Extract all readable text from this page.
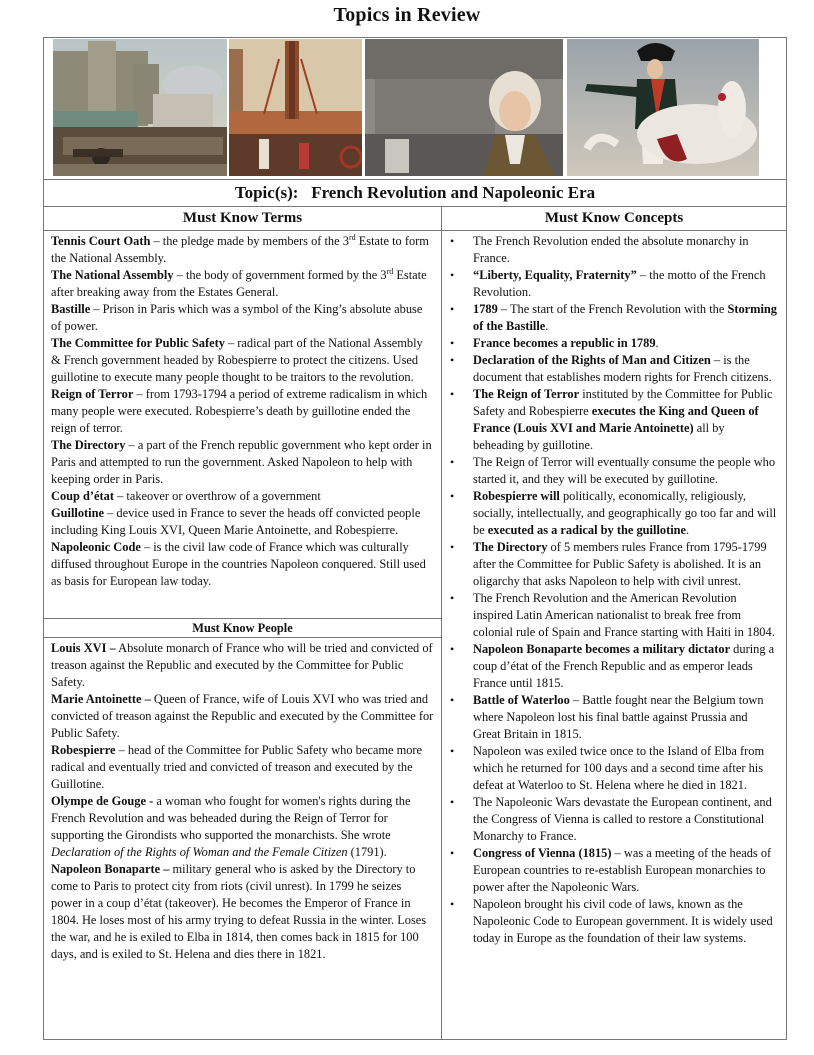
Topics in Review
Topic(s): French Revolution and Napoleonic Era
Must Know Terms	Must Know Concepts

Tennis Court Oath – the pledge made by members of the 3rd Estate to form the National Assembly.

The National Assembly – the body of government formed by the 3rd Estate after breaking away from the Estates General.

Bastille – Prison in Paris which was a symbol of the King’s absolute abuse of power.

The Committee for Public Safety – radical part of the National Assembly & French government headed by Robespierre to protect the citizens. Used guillotine to execute many people thought to be traitors to the revolution.

Reign of Terror – from 1793-1794 a period of extreme radicalism in which many people were executed. Robespierre’s death by guillotine ended the reign of terror.

The Directory – a part of the French republic government who kept order in Paris and attempted to run the government. Asked Napoleon to help with keeping order in Paris.

Coup d’état – takeover or overthrow of a government

Guillotine – device used in France to sever the heads off convicted people including King Louis XVI, Queen Marie Antoinette, and Robespierre.

Napoleonic Code – is the civil law code of France which was culturally diffused throughout Europe in the countries Napoleon conquered. Still used as basis for European law today.

Must Know People

Louis XVI – Absolute monarch of France who will be tried and convicted of treason against the Republic and executed by the Committee for Public Safety.

Marie Antoinette – Queen of France, wife of Louis XVI who was tried and convicted of treason against the Republic and executed by the Committee for Public Safety.

Robespierre – head of the Committee for Public Safety who became more radical and eventually tried and convicted of treason and executed by the Guillotine.

Olympe de Gouge - a woman who fought for women's rights during the French Revolution and was beheaded during the Reign of Terror for supporting the Girondists who supported the monarchists. She wrote Declaration of the Rights of Woman and the Female Citizen (1791).

Napoleon Bonaparte – military general who is asked by the Directory to come to Paris to protect city from riots (civil unrest). In 1799 he seizes power in a coup d’état (takeover). He becomes the Emperor of France in 1804. He loses most of his army trying to defeat Russia in the winter. Loses the war, and he is exiled to Elba in 1814, then comes back in 1815 for 100 days, and is exiled to St. Helena and dies there in 1821.

• The French Revolution ended the absolute monarchy in France.
• “Liberty, Equality, Fraternity” – the motto of the French Revolution.
• 1789 – The start of the French Revolution with the Storming of the Bastille.
• France becomes a republic in 1789.
• Declaration of the Rights of Man and Citizen – is the document that establishes modern rights for French citizens.
• The Reign of Terror instituted by the Committee for Public Safety and Robespierre executes the King and Queen of France (Louis XVI and Marie Antoinette) all by beheading by guillotine.
• The Reign of Terror will eventually consume the people who started it, and they will be executed by guillotine.
• Robespierre will politically, economically, religiously, socially, intellectually, and geographically go too far and will be executed as a radical by the guillotine.
• The Directory of 5 members rules France from 1795-1799 after the Committee for Public Safety is abolished. It is an oligarchy that asks Napoleon to help with civil unrest.
• The French Revolution and the American Revolution inspired Latin American nationalist to break free from colonial rule of Spain and France starting with Haiti in 1804.
• Napoleon Bonaparte becomes a military dictator during a coup d’état of the French Republic and as emperor leads France until 1815.
• Battle of Waterloo – Battle fought near the Belgium town where Napoleon lost his final battle against Prussia and Great Britain in 1815.
• Napoleon was exiled twice once to the Island of Elba from which he returned for 100 days and a second time after his defeat at Waterloo to St. Helena where he died in 1821.
• The Napoleonic Wars devastate the European continent, and the Congress of Vienna is called to restore a Constitutional Monarchy to France.
• Congress of Vienna (1815) – was a meeting of the heads of European countries to re-establish European monarchies to power after the Napoleonic Wars.
• Napoleon brought his civil code of laws, known as the Napoleonic Code to European government. It is widely used today in Europe as the foundation of their law systems.
